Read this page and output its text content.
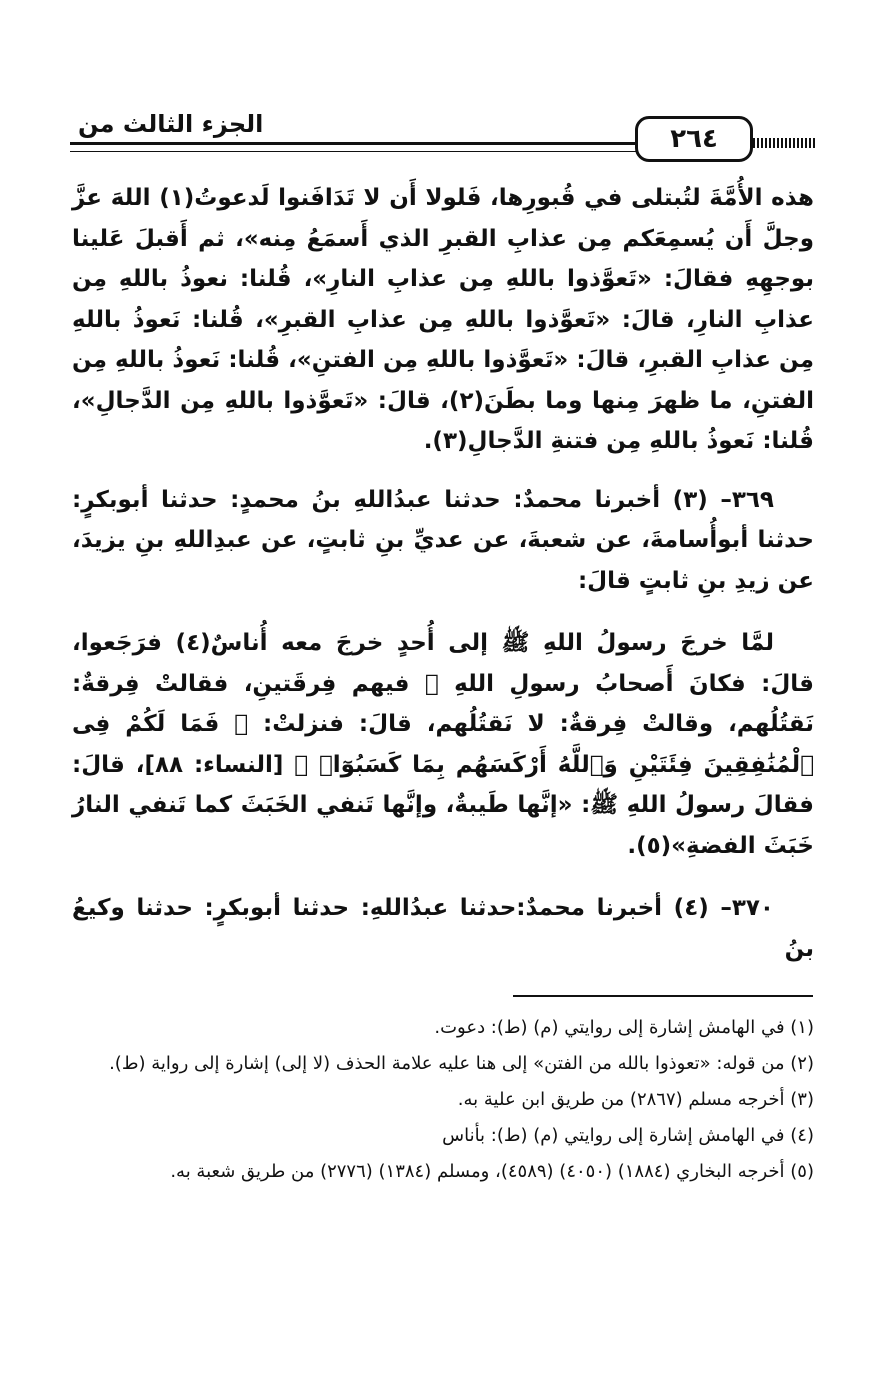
٢٦٤
الجزء الثالث من

هذه الأُمَّةَ لتُبتلى في قُبورِها، فَلولا أَن لا تَدَافَنوا لَدعوتُ(١) اللهَ عزَّ وجلَّ أَن يُسمِعَكم مِن عذابِ القبرِ الذي أَسمَعُ مِنه»، ثم أَقبلَ عَلينا بوجهِهِ فقالَ: «تَعوَّذوا باللهِ مِن عذابِ النارِ»، قُلنا: نعوذُ باللهِ مِن عذابِ النارِ، قالَ: «تَعوَّذوا باللهِ مِن عذابِ القبرِ»، قُلنا: نَعوذُ باللهِ مِن عذابِ القبرِ، قالَ: «تَعوَّذوا باللهِ مِن الفتنِ»، قُلنا: نَعوذُ باللهِ مِن الفتنِ، ما ظهرَ مِنها وما بطَنَ(٢)، قالَ: «تَعوَّذوا باللهِ مِن الدَّجالِ»، قُلنا: نَعوذُ باللهِ مِن فتنةِ الدَّجالِ(٣).

٣٦٩– (٣) أخبرنا محمدٌ: حدثنا عبدُاللهِ بنُ محمدٍ: حدثنا أبوبكرٍ: حدثنا أبوأُسامةَ، عن شعبةَ، عن عديِّ بنِ ثابتٍ، عن عبدِاللهِ بنِ يزيدَ، عن زيدِ بنِ ثابتٍ قالَ:

لمَّا خرجَ رسولُ اللهِ ﷺ إلى أُحدٍ خرجَ معه أُناسٌ(٤) فرَجَعوا، قالَ: فكانَ أَصحابُ رسولِ اللهِ ﷺ فيهم فِرقَتينِ، فقالتْ فِرقةٌ: نَقتُلُهم، وقالتْ فِرقةٌ: لا نَقتُلُهم، قالَ: فنزلتْ: ﴿ فَمَا لَكُمْ فِى ٱلْمُنَٰفِقِينَ فِئَتَيْنِ وَٱللَّهُ أَرْكَسَهُم بِمَا كَسَبُوٓا۟ ﴾ [النساء: ٨٨]، قالَ: فقالَ رسولُ اللهِ ﷺ: «إنَّها طَيبةٌ، وإنَّها تَنفي الخَبَثَ كما تَنفي النارُ خَبَثَ الفضةِ»(٥).

٣٧٠– (٤) أخبرنا محمدٌ:حدثنا عبدُاللهِ: حدثنا أبوبكرٍ: حدثنا وكيعُ بنُ

(١) في الهامش إشارة إلى روايتي (م) (ط): دعوت.

(٢) من قوله: «تعوذوا بالله من الفتن» إلى هنا عليه علامة الحذف (لا إلى) إشارة إلى رواية (ط).

(٣) أخرجه مسلم (٢٨٦٧) من طريق ابن علية به.

(٤) في الهامش إشارة إلى روايتي (م) (ط): بأناس

(٥) أخرجه البخاري (١٨٨٤) (٤٠٥٠) (٤٥٨٩)، ومسلم (١٣٨٤) (٢٧٧٦) من طريق شعبة به.
